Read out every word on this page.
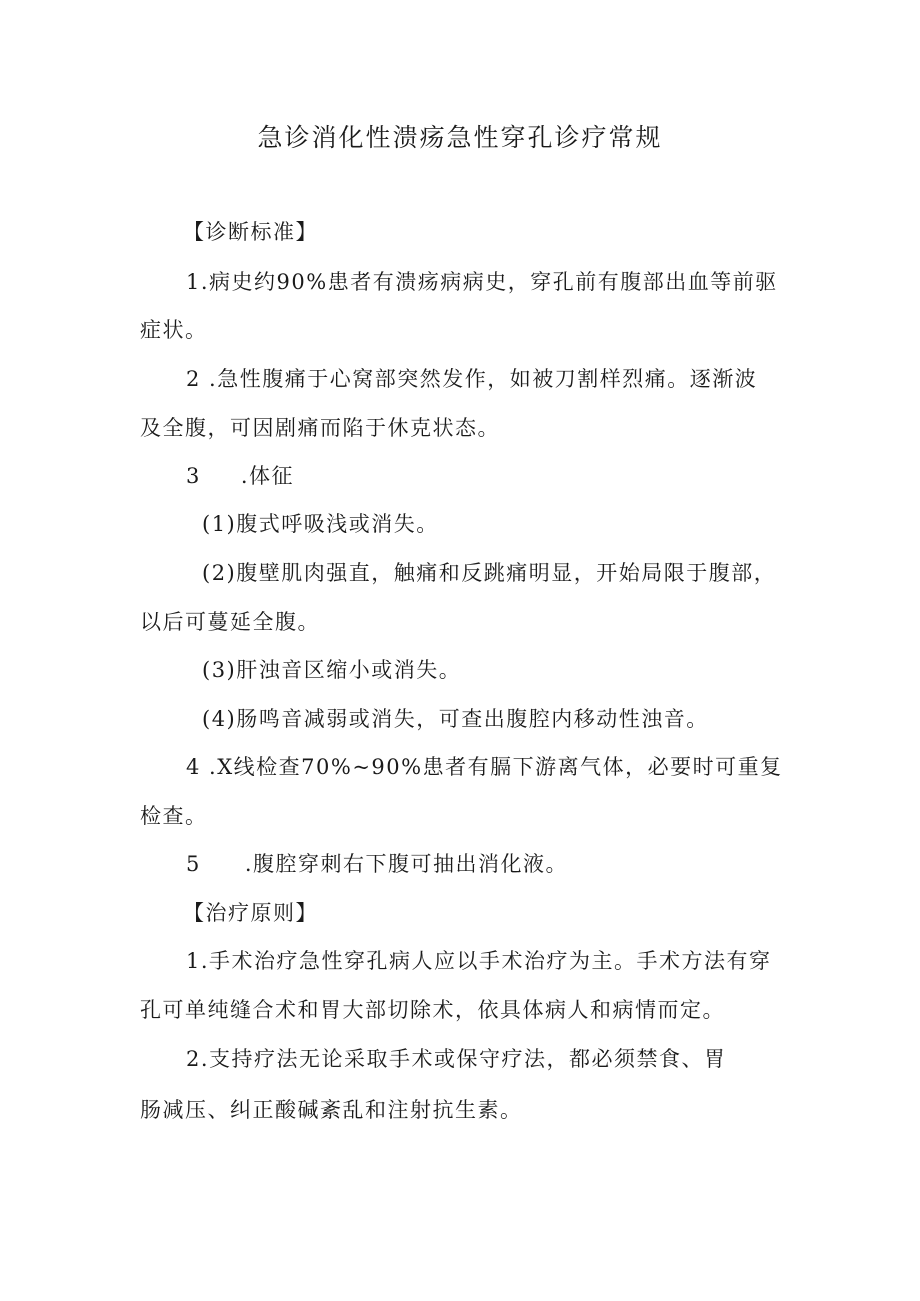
急诊消化性溃疡急性穿孔诊疗常规
【诊断标准】
1.病史约90%患者有溃疡病病史，穿孔前有腹部出血等前驱
症状。
2 .急性腹痛于心窝部突然发作，如被刀割样烈痛。逐渐波
及全腹，可因剧痛而陷于休克状态。
3 .体征
(1)腹式呼吸浅或消失。
(2)腹壁肌肉强直，触痛和反跳痛明显，开始局限于腹部，
以后可蔓延全腹。
(3)肝浊音区缩小或消失。
(4)肠鸣音减弱或消失，可查出腹腔内移动性浊音。
4 .X线检查70%~90%患者有膈下游离气体，必要时可重复
检查。
5 .腹腔穿刺右下腹可抽出消化液。
【治疗原则】
1.手术治疗急性穿孔病人应以手术治疗为主。手术方法有穿
孔可单纯缝合术和胃大部切除术，依具体病人和病情而定。
2.支持疗法无论采取手术或保守疗法，都必须禁食、胃
肠减压、纠正酸碱紊乱和注射抗生素。
